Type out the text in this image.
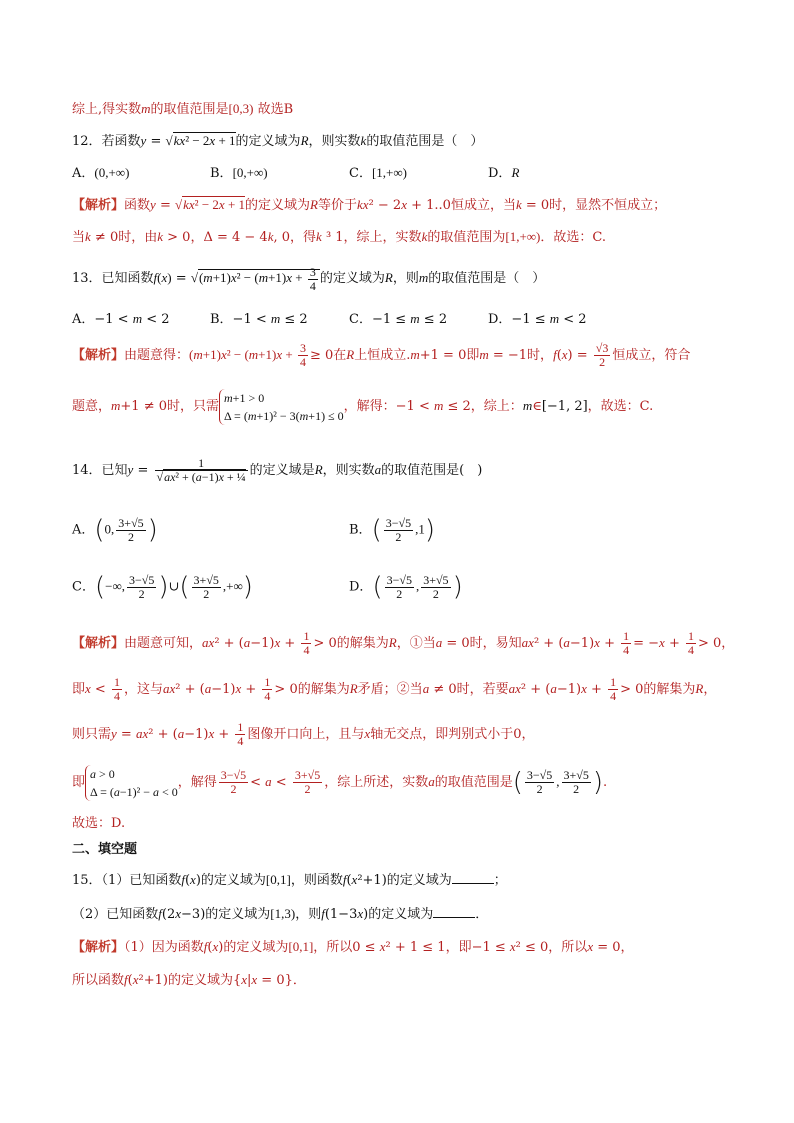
综上,得实数m的取值范围是[0,3) 故选B
12．若函数y = √kx² − 2x + 1的定义域为R，则实数k的取值范围是（　）
A．(0,+∞)	B．[0,+∞)	C．[1,+∞)	D．R
【解析】函数y = √kx² − 2x + 1的定义域为R等价于kx² − 2x + 1..0恒成立，当k = 0时，显然不恒成立；
当k ≠ 0时，由k > 0，Δ = 4 − 4k, 0，得k ³ 1，综上，实数k的取值范围为[1,+∞)．故选：C.
13．已知函数$f(x) = √(m+1)x^2 - (m+1)x + \frac{3}{4}$ 的定义域为R，则m的取值范围是（　）
A．−1 < m < 2	B．−1 < m ≤ 2	C．−1 ≤ m ≤ 2	D．−1 ≤ m < 2
【解析】由题意得：$(m+1)x^2 - (m+1)x + \frac{3}{4} \ge 0$在R上恒成立.m+1 = 0即m = −1时，$f(x) = \frac{√3}{2}$ 恒成立，符合
题意，m+1 ≠ 0时，只需m+1 > 0
Δ = (m+1)² − 3(m+1) ≤ 0，解得：−1 < m ≤ 2，综上：m∈[−1, 2]，故选：C.
14．已知$y = \frac{1}{\text{√ax² + (a−1)x + ¼}}$ 的定义域是R，则实数a的取值范围是(　)
A．(0, $\frac{3+√5}{2}$ )	B．( $\frac{3-√5}{2} ,1$)
C．(−∞, $\frac{3-√5}{2}$ )∪( $\frac{3+√5}{2}$ ,+∞)	D．( $\frac{3-√5}{2}$ , $\frac{3+√5}{2}$ )
【解析】由题意可知，$ax^2 + (a-1)x + \frac{1}{4} > 0$的解集为R，①当a = 0时，易知$ax^2 + (a-1)x + \frac{1}{4} = -x + \frac{1}{4} > 0$，
即$x < \frac{1}{4}$ ，这与$ax^2 + (a-1)x + \frac{1}{4} > 0$的解集为R矛盾；②当a ≠ 0时，若要$ax^2 + (a-1)x + \frac{1}{4} > 0$的解集为R，
则只需$y = ax^2 + (a-1)x + \frac{1}{4}$ 图像开口向上，且与x轴无交点，即判别式小于0，
即a > 0
Δ = (a−1)² − a < 0，解得 $\frac{3-√5}{2} < a < \frac{3+√5}{2}$ ，综上所述，实数a的取值范围是( $\frac{3-√5}{2}$ , $\frac{3+√5}{2}$ ).
故选：D.
二、填空题
15．（1）已知函数f(x)的定义域为[0,1]，则函数f(x²+1)的定义域为	；
（2）已知函数f(2x−3)的定义域为[1,3)，则f(1−3x)的定义域为	．
【解析】（1）因为函数f(x)的定义域为[0,1]，所以0 ≤ x² + 1 ≤ 1，即−1 ≤ x² ≤ 0，所以x = 0，
所以函数f(x²+1)的定义域为{x|x = 0}．
